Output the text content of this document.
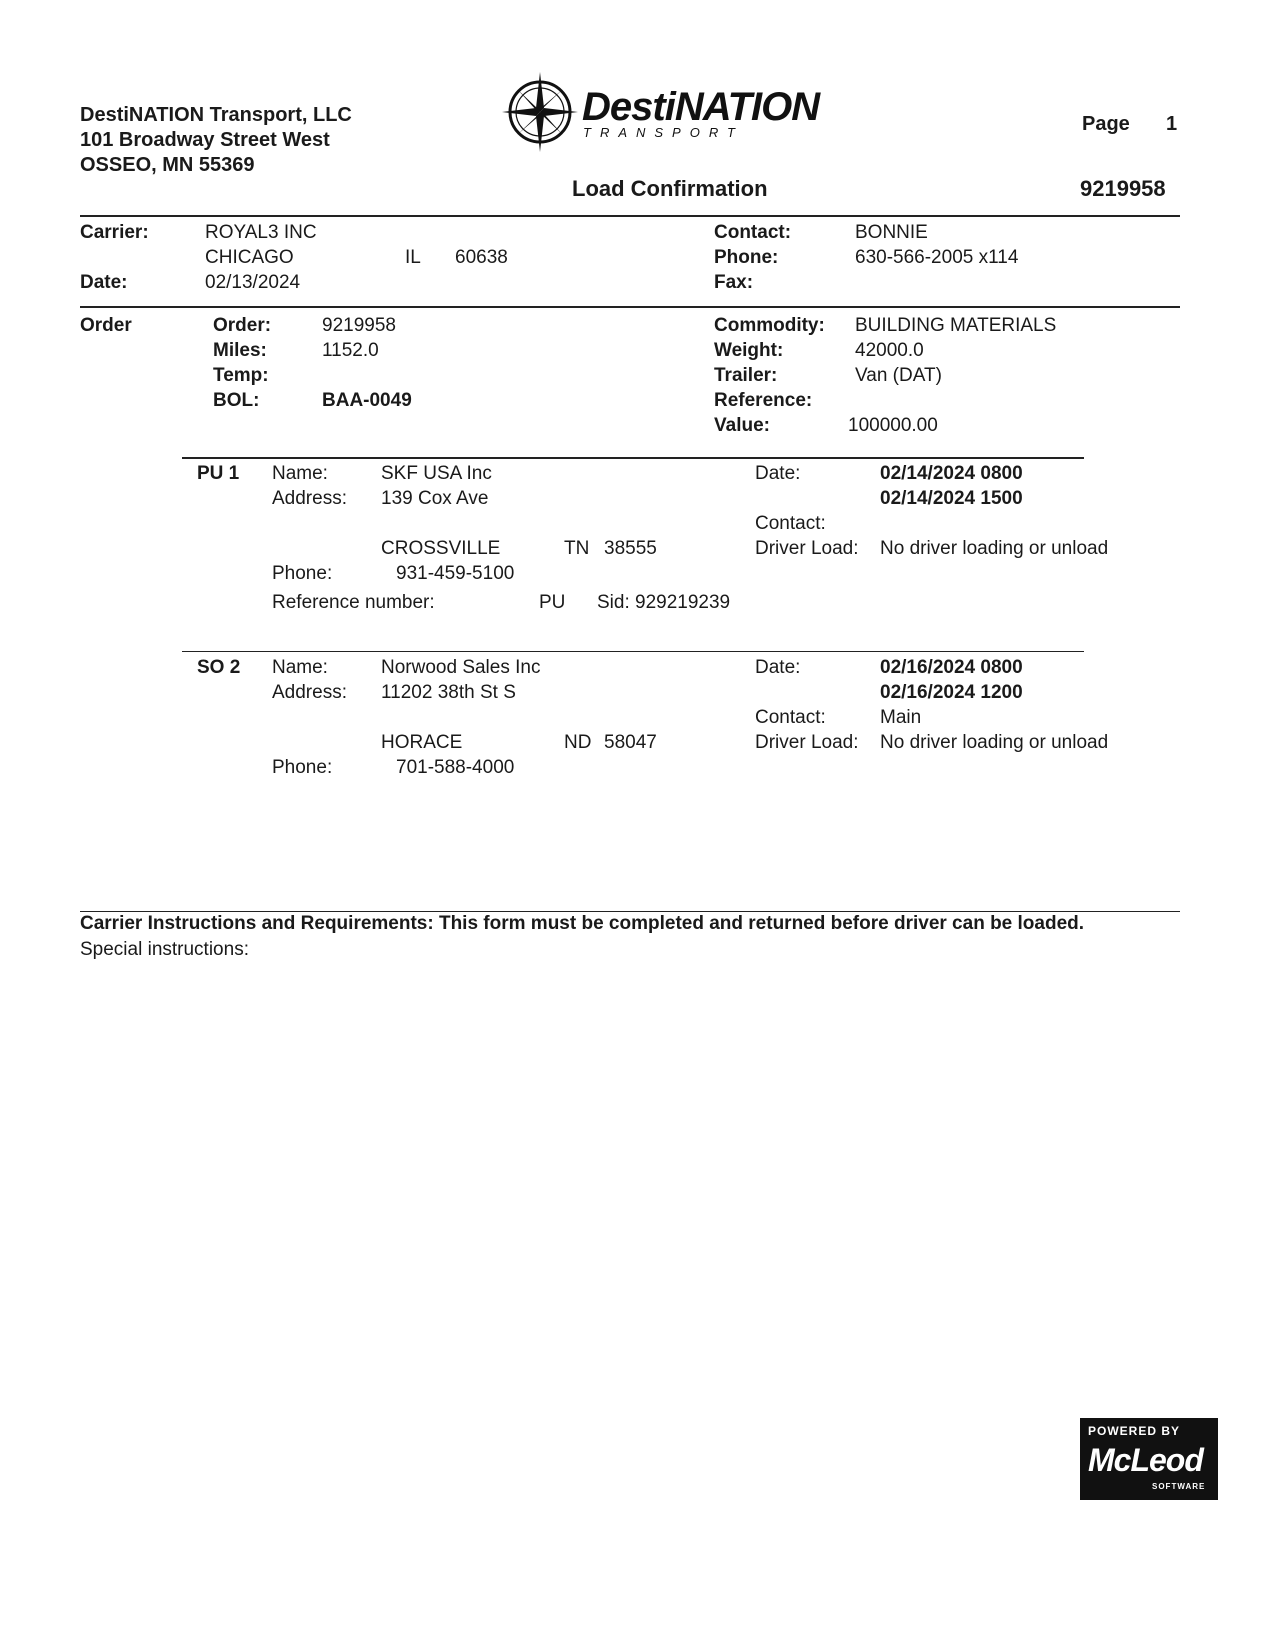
DestiNATION Transport, LLC
101 Broadway Street West
OSSEO, MN 55369
DestiNATION
TRANSPORT	Page 1
Load Confirmation	9219958
Carrier:	ROYAL3 INC
CHICAGO	IL 60638
Date:	02/13/2024
Contact:	BONNIE
Phone:	630-566-2005 x114
Fax:
Order	Order:	9219958
Miles:	1152.0
Temp:
BOL:	BAA-0049
Commodity: BUILDING MATERIALS
Weight:	42000.0
Trailer:	Van (DAT)
Reference:
Value:	100000.00
PU 1 Name:	SKF USA Inc
Address: 139 Cox Ave
CROSSVILLE	TN 38555
Phone:	931-459-5100
Reference number:	PU Sid: 929219239
Date:	02/14/2024 0800
02/14/2024 1500
Contact:
Driver Load: No driver loading or unload
SO 2 Name:	Norwood Sales Inc
Address: 11202 38th St S
HORACE	ND 58047
Phone:	701-588-4000
Date:	02/16/2024 0800
02/16/2024 1200
Contact:	Main
Driver Load: No driver loading or unload
Carrier Instructions and Requirements: This form must be completed and returned before driver can be loaded.
Special instructions:
POWERED BY
McLeod
SOFTWARE
